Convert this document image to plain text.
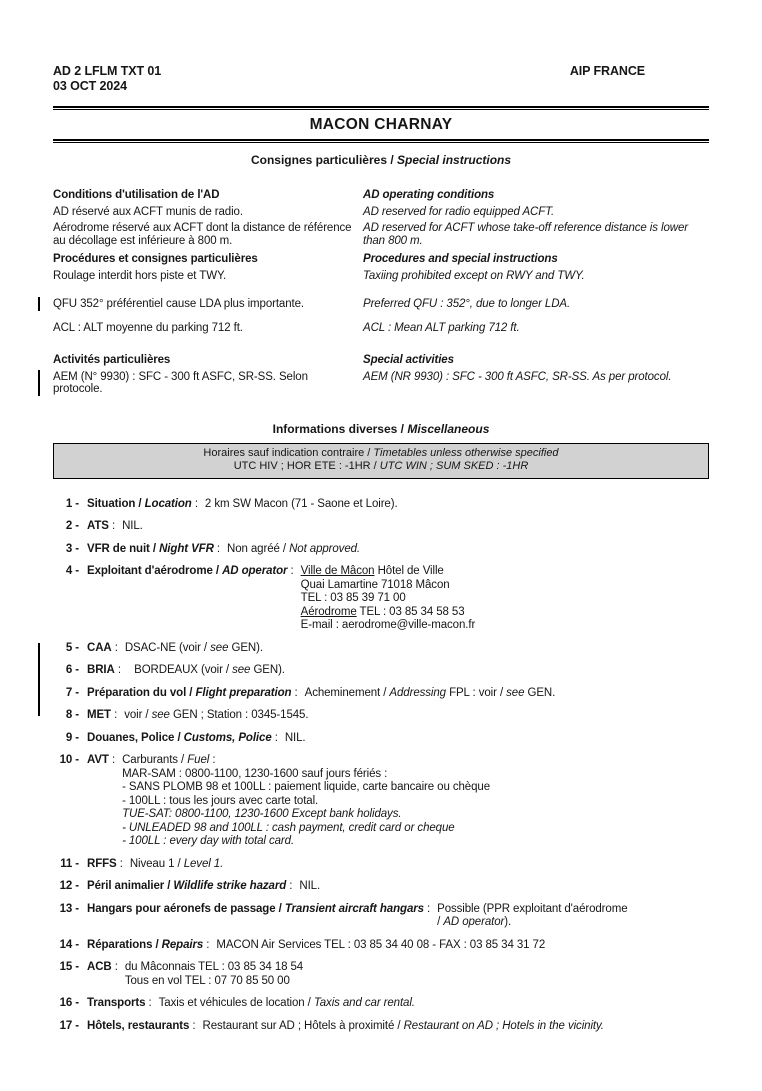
AD 2 LFLM TXT 01
03 OCT 2024
AIP FRANCE
MACON CHARNAY
Consignes particulières / Special instructions

Conditions d'utilisation de l'AD

AD réservé aux ACFT munis de radio.

Aérodrome réservé aux ACFT dont la distance de référence au décollage est inférieure à 800 m.

Procédures et consignes particulières

Roulage interdit hors piste et TWY.

QFU 352° préférentiel cause LDA plus importante.

ACL : ALT moyenne du parking 712 ft.

Activités particulières

AEM (N° 9930) : SFC - 300 ft ASFC, SR-SS. Selon protocole.

AD operating conditions

AD reserved for radio equipped ACFT.

AD reserved for ACFT whose take-off reference distance is lower than 800 m.

Procedures and special instructions

Taxiing prohibited except on RWY and TWY.

Preferred QFU : 352°, due to longer LDA.

ACL : Mean ALT parking 712 ft.

Special activities

AEM (NR 9930) : SFC - 300 ft ASFC, SR-SS. As per protocol.

Informations diverses / Miscellaneous
Horaires sauf indication contraire / Timetables unless otherwise specified
UTC HIV ; HOR ETE : -1HR / UTC WIN ; SUM SKED : -1HR
1 - Situation / Location : 2 km SW Macon (71 - Saone et Loire).
2 - ATS : NIL.
3 - VFR de nuit / Night VFR : Non agréé / Not approved.
4 - Exploitant d'aérodrome / AD operator : Ville de Mâcon Hôtel de Ville
Quai Lamartine 71018 Mâcon
TEL : 03 85 39 71 00
Aérodrome TEL : 03 85 34 58 53
E-mail : aerodrome@ville-macon.fr
5 - CAA : DSAC-NE (voir / see GEN).
6 - BRIA : BORDEAUX (voir / see GEN).
7 - Préparation du vol / Flight preparation : Acheminement / Addressing FPL : voir / see GEN.
8 - MET : voir / see GEN ; Station : 0345-1545.
9 - Douanes, Police / Customs, Police : NIL.
10 - AVT : Carburants / Fuel :
MAR-SAM : 0800-1100, 1230-1600 sauf jours fériés :
- SANS PLOMB 98 et 100LL : paiement liquide, carte bancaire ou chèque
- 100LL : tous les jours avec carte total.
TUE-SAT: 0800-1100, 1230-1600 Except bank holidays.
- UNLEADED 98 and 100LL : cash payment, credit card or cheque
- 100LL : every day with total card.
11 - RFFS : Niveau 1 / Level 1.
12 - Péril animalier / Wildlife strike hazard : NIL.
13 - Hangars pour aéronefs de passage / Transient aircraft hangars : Possible (PPR exploitant d'aérodrome
/ AD operator).
14 - Réparations / Repairs : MACON Air Services TEL : 03 85 34 40 08 - FAX : 03 85 34 31 72
15 - ACB : du Mâconnais TEL : 03 85 34 18 54
Tous en vol TEL : 07 70 85 50 00
16 - Transports : Taxis et véhicules de location / Taxis and car rental.
17 - Hôtels, restaurants : Restaurant sur AD ; Hôtels à proximité / Restaurant on AD ; Hotels in the vicinity.
